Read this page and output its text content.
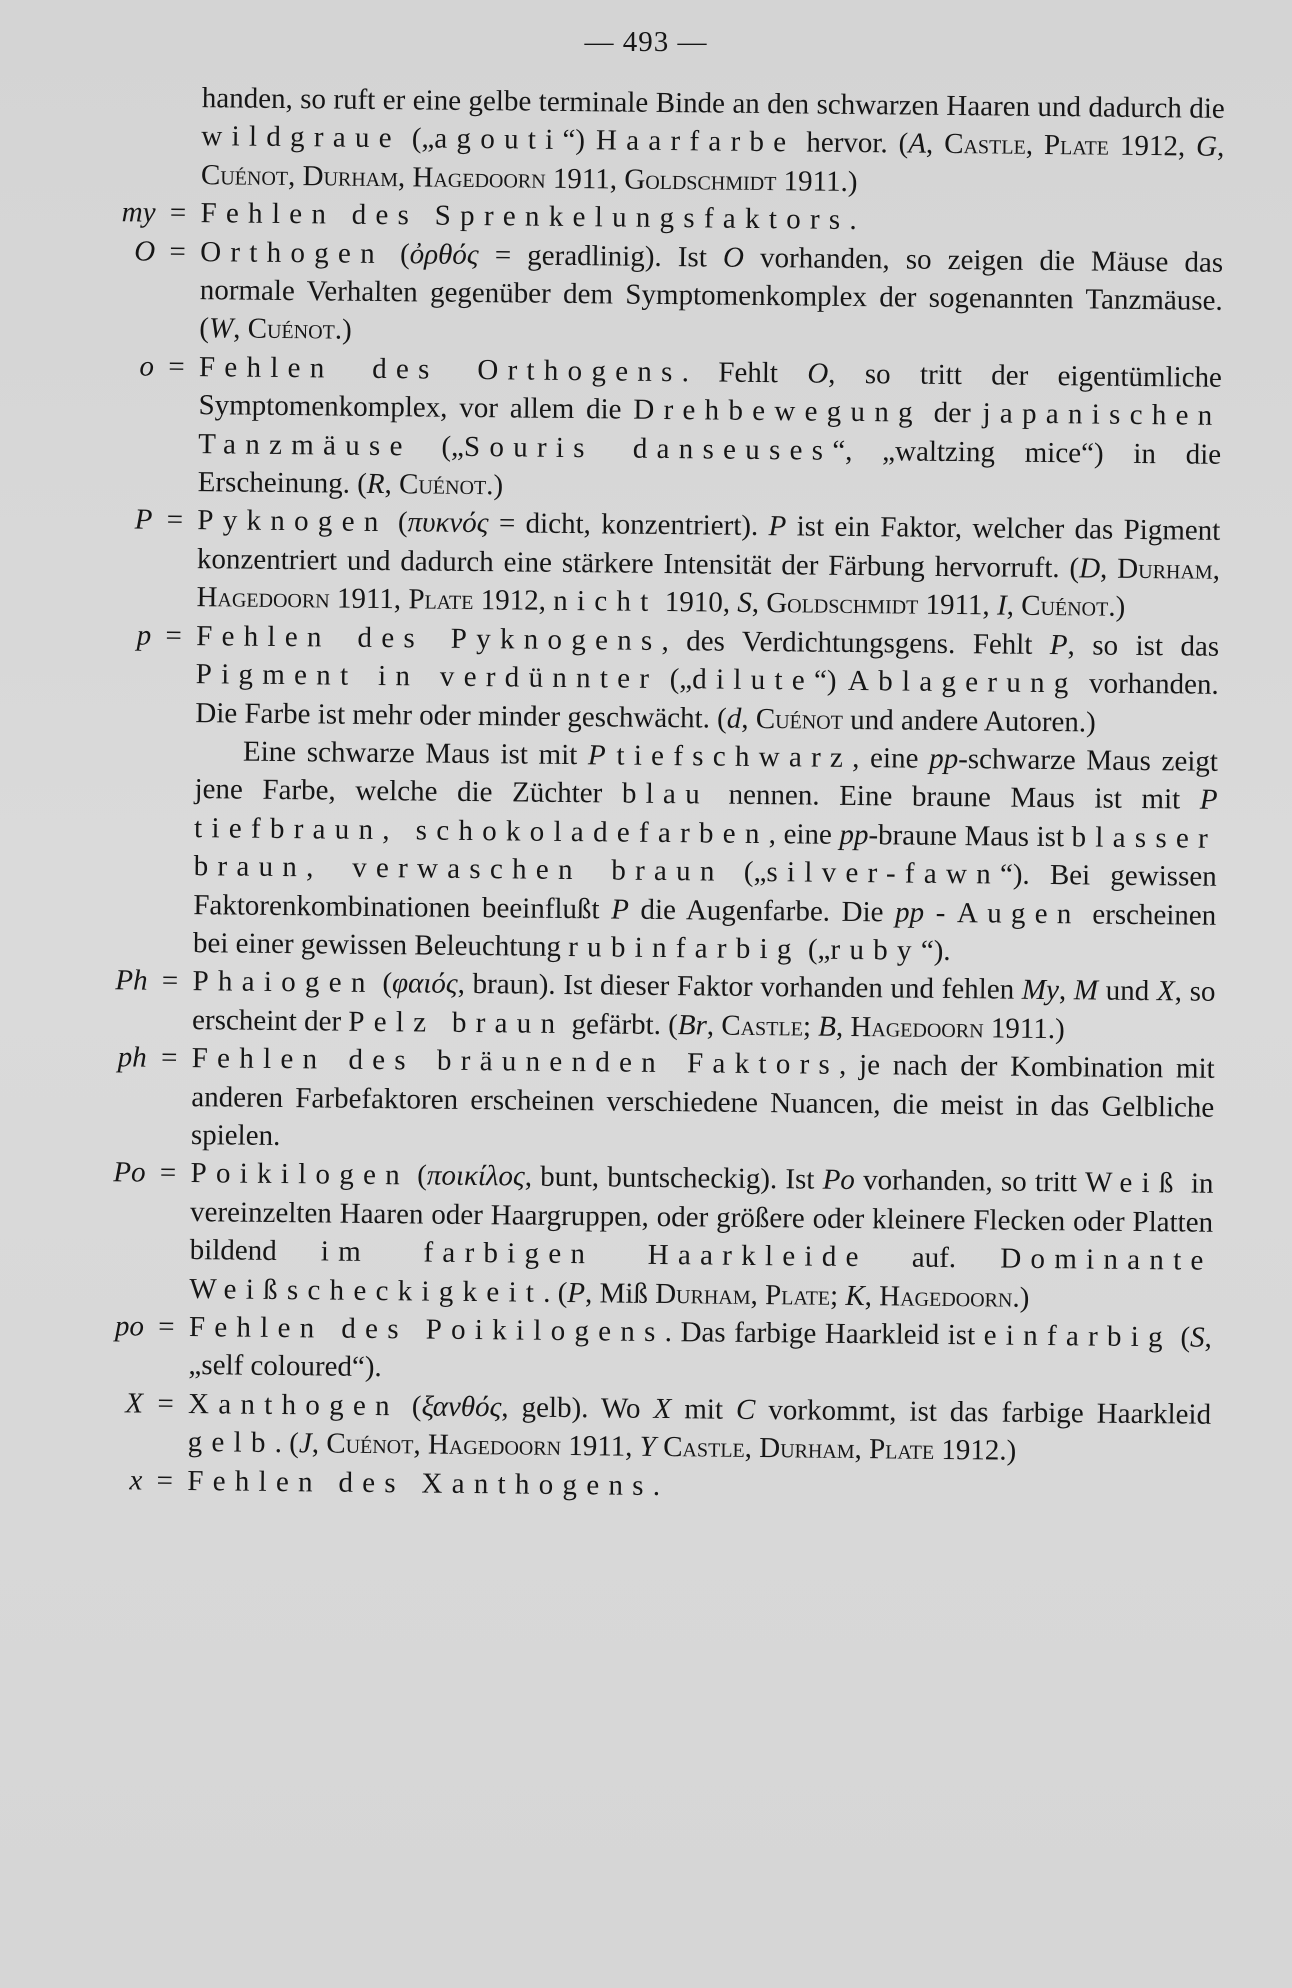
— 493 —

handen, so ruft er eine gelbe terminale Binde an den schwarzen Haaren und dadurch die wildgraue („agouti“) Haarfarbe hervor. (A, Castle, Plate 1912, G, Cuénot, Durham, Hagedoorn 1911, Goldschmidt 1911.)

my = Fehlen des Sprenkelungsfaktors.
O = Orthogen (ὀρθός = geradlinig). Ist O vorhanden, so zeigen die Mäuse das normale Verhalten gegenüber dem Symptomenkomplex der sogenannten Tanzmäuse. (W, Cuénot.)
o = Fehlen des Orthogens. Fehlt O, so tritt der eigentümliche Symptomenkomplex, vor allem die Drehbewegung der japanischen Tanzmäuse („Souris danseuses“, „waltzing mice“) in die Erscheinung. (R, Cuénot.)
P = Pyknogen (πυκνός = dicht, konzentriert). P ist ein Faktor, welcher das Pigment konzentriert und dadurch eine stärkere Intensität der Färbung hervorruft. (D, Durham, Hagedoorn 1911, Plate 1912, nicht 1910, S, Goldschmidt 1911, I, Cuénot.)
p = Fehlen des Pyknogens, des Verdichtungsgens. Fehlt P, so ist das Pigment in verdünnter („dilute“) Ablagerung vorhanden. Die Farbe ist mehr oder minder geschwächt. (d, Cuénot und andere Autoren.)

Eine schwarze Maus ist mit P tiefschwarz, eine pp-schwarze Maus zeigt jene Farbe, welche die Züchter blau nennen. Eine braune Maus ist mit P tiefbraun, schokoladefarben, eine pp-braune Maus ist blasser braun, verwaschen braun („silver-fawn“). Bei gewissen Faktorenkombinationen beeinflußt P die Augenfarbe. Die pp - Augen erscheinen bei einer gewissen Beleuchtung rubinfarbig („ruby“).

Ph = Phaiogen (φαιός, braun). Ist dieser Faktor vorhanden und fehlen My, M und X, so erscheint der Pelz braun gefärbt. (Br, Castle; B, Hagedoorn 1911.)
ph = Fehlen des bräunenden Faktors, je nach der Kombination mit anderen Farbefaktoren erscheinen verschiedene Nuancen, die meist in das Gelbliche spielen.
Po = Poikilogen (ποικίλος, bunt, buntscheckig). Ist Po vorhanden, so tritt Weiß in vereinzelten Haaren oder Haargruppen, oder größere oder kleinere Flecken oder Platten bildend im farbigen Haarkleide auf. Dominante Weißscheckigkeit. (P, Miß Durham, Plate; K, Hagedoorn.)
po = Fehlen des Poikilogens. Das farbige Haarkleid ist einfarbig (S, „self coloured“).
X = Xanthogen (ξανθός, gelb). Wo X mit C vorkommt, ist das farbige Haarkleid gelb. (J, Cuénot, Hagedoorn 1911, Y Castle, Durham, Plate 1912.)
x = Fehlen des Xanthogens.
